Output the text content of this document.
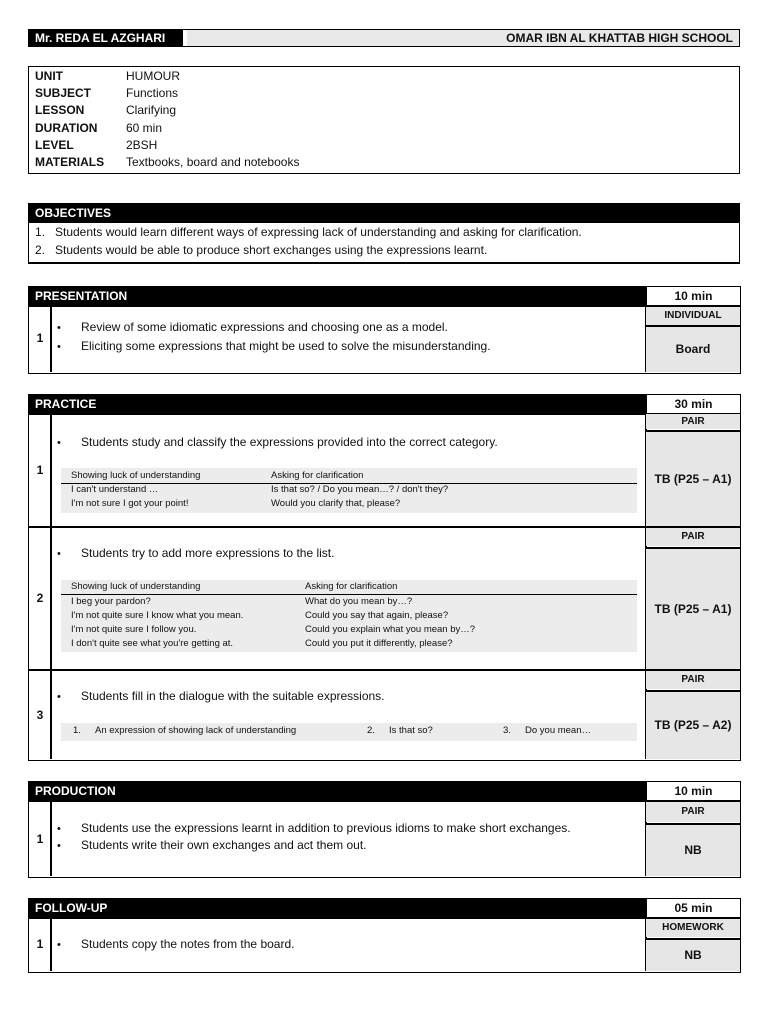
Mr. REDA EL AZGHARI	OMAR IBN AL KHATTAB HIGH SCHOOL
UNIT	HUMOUR
SUBJECT	Functions
LESSON	Clarifying
DURATION	60 min
LEVEL	2BSH
MATERIALS	Textbooks, board and notebooks
OBJECTIVES
1. Students would learn different ways of expressing lack of understanding and asking for clarification.
2. Students would be able to produce short exchanges using the expressions learnt.
PRESENTATION	10 min
1
INDIVIDUAL
Board
• Review of some idiomatic expressions and choosing one as a model.
• Eliciting some expressions that might be used to solve the misunderstanding.
PRACTICE	30 min
1
PAIR
TB (P25 – A1)
• Students study and classify the expressions provided into the correct category.
Showing luck of understanding	Asking for clarification
I can't understand …	Is that so? / Do you mean…? / don't they?
I'm not sure I got your point!	Would you clarify that, please?
2
PAIR
TB (P25 – A1)
• Students try to add more expressions to the list.
Showing luck of understanding	Asking for clarification
I beg your pardon?	What do you mean by…?
I'm not quite sure I know what you mean.	Could you say that again, please?
I'm not quite sure I follow you.	Could you explain what you mean by…?
I don't quite see what you're getting at.	Could you put it differently, please?
3
PAIR
TB (P25 – A2)
• Students fill in the dialogue with the suitable expressions.
1. An expression of showing lack of understanding	2. Is that so?	3. Do you mean…
PRODUCTION	10 min
1
PAIR
NB
• Students use the expressions learnt in addition to previous idioms to make short exchanges.
• Students write their own exchanges and act them out.
FOLLOW-UP	05 min
1
HOMEWORK
NB
• Students copy the notes from the board.
